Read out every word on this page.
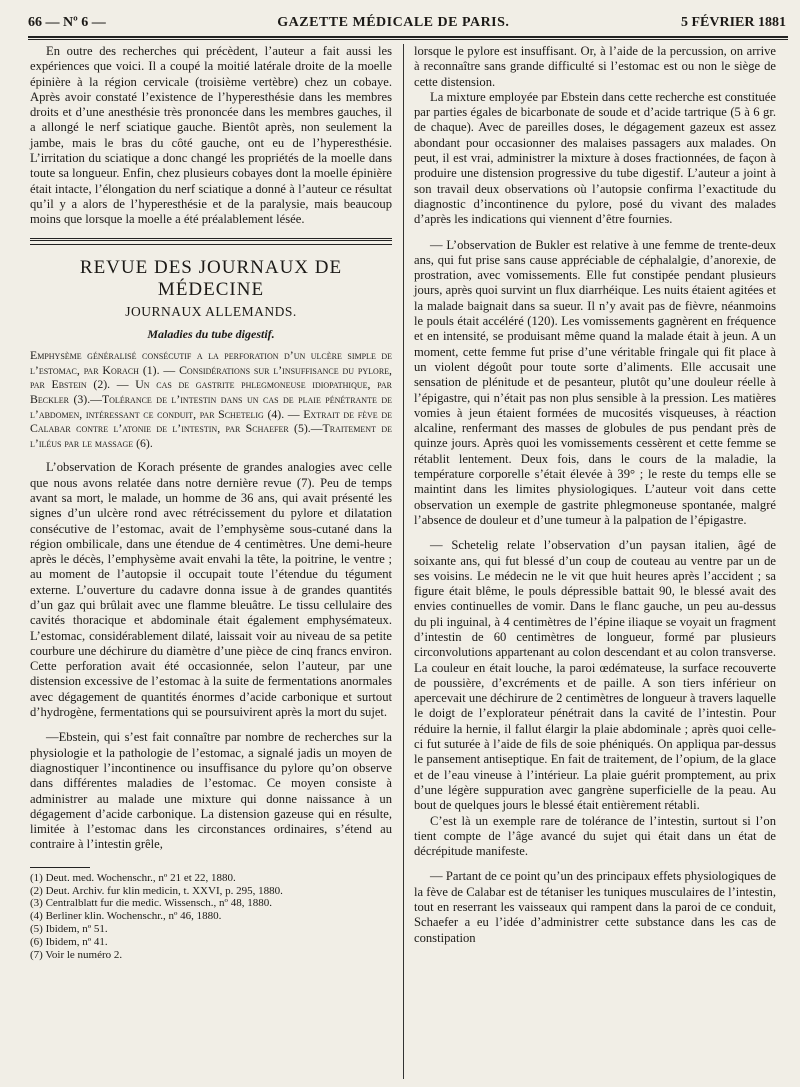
66 — Nº 6 —	GAZETTE MÉDICALE DE PARIS.	5 FÉVRIER 1881

En outre des recherches qui précèdent, l’auteur a fait aussi les expériences que voici. Il a coupé la moitié latérale droite de la moelle épinière à la région cervicale (troisième vertèbre) chez un cobaye. Après avoir constaté l’existence de l’hyperesthésie dans les membres droits et d’une anesthésie très prononcée dans les membres gauches, il a allongé le nerf sciatique gauche. Bientôt après, non seulement la jambe, mais le bras du côté gauche, ont eu de l’hyperesthésie. L’irritation du sciatique a donc changé les propriétés de la moelle dans toute sa longueur. Enfin, chez plusieurs cobayes dont la moelle épinière était intacte, l’élongation du nerf sciatique a donné à l’auteur ce résultat qu’il y a alors de l’hyperesthésie et de la paralysie, mais beaucoup moins que lorsque la moelle a été préalablement lésée.

REVUE DES JOURNAUX DE MÉDECINE
JOURNAUX ALLEMANDS.
Maladies du tube digestif.

Emphysème généralisé consécutif a la perforation d’un ulcère simple de l’estomac, par Korach (1). — Considérations sur l’insuffisance du pylore, par Ebstein (2). — Un cas de gastrite phlegmoneuse idiopathique, par Beckler (3).—Tolérance de l’intestin dans un cas de plaie pénétrante de l’abdomen, intéressant ce conduit, par Schetelig (4). — Extrait de fève de Calabar contre l’atonie de l’intestin, par Schaefer (5).—Traitement de l’iléus par le massage (6).

L’observation de Korach présente de grandes analogies avec celle que nous avons relatée dans notre dernière revue (7). Peu de temps avant sa mort, le malade, un homme de 36 ans, qui avait présenté les signes d’un ulcère rond avec rétrécissement du pylore et dilatation consécutive de l’estomac, avait de l’emphysème sous-cutané dans la région ombilicale, dans une étendue de 4 centimètres. Une demi-heure après le décès, l’emphysème avait envahi la tête, la poitrine, le ventre ; au moment de l’autopsie il occupait toute l’étendue du tégument externe. L’ouverture du cadavre donna issue à de grandes quantités d’un gaz qui brûlait avec une flamme bleuâtre. Le tissu cellulaire des cavités thoracique et abdominale était également emphysémateux. L’estomac, considérablement dilaté, laissait voir au niveau de sa petite courbure une déchirure du diamètre d’une pièce de cinq francs environ. Cette perforation avait été occasionnée, selon l’auteur, par une distension excessive de l’estomac à la suite de fermentations anormales avec dégagement de quantités énormes d’acide carbonique et surtout d’hydrogène, fermentations qui se poursuivirent après la mort du sujet.

—Ebstein, qui s’est fait connaître par nombre de recherches sur la physiologie et la pathologie de l’estomac, a signalé jadis un moyen de diagnostiquer l’incontinence ou insuffisance du pylore qu’on observe dans différentes maladies de l’estomac. Ce moyen consiste à administrer au malade une mixture qui donne naissance à un dégagement d’acide carbonique. La distension gazeuse qui en résulte, limitée à l’estomac dans les circonstances ordinaires, s’étend au contraire à l’intestin grêle,

(1) Deut. med. Wochenschr., nº 21 et 22, 1880.

(2) Deut. Archiv. fur klin medicin, t. XXVI, p. 295, 1880.

(3) Centralblatt fur die medic. Wissensch., nº 48, 1880.

(4) Berliner klin. Wochenschr., nº 46, 1880.

(5) Ibidem, nº 51.

(6) Ibidem, nº 41.

(7) Voir le numéro 2.

lorsque le pylore est insuffisant. Or, à l’aide de la percussion, on arrive à reconnaître sans grande difficulté si l’estomac est ou non le siège de cette distension.

La mixture employée par Ebstein dans cette recherche est constituée par parties égales de bicarbonate de soude et d’acide tartrique (5 à 6 gr. de chaque). Avec de pareilles doses, le dégagement gazeux est assez abondant pour occasionner des malaises passagers aux malades. On peut, il est vrai, administrer la mixture à doses fractionnées, de façon à produire une distension progressive du tube digestif. L’auteur a joint à son travail deux observations où l’autopsie confirma l’exactitude du diagnostic d’incontinence du pylore, posé du vivant des malades d’après les indications qui viennent d’être fournies.

— L’observation de Bukler est relative à une femme de trente-deux ans, qui fut prise sans cause appréciable de céphalalgie, d’anorexie, de prostration, avec vomissements. Elle fut constipée pendant plusieurs jours, après quoi survint un flux diarrhéique. Les nuits étaient agitées et la malade baignait dans sa sueur. Il n’y avait pas de fièvre, néanmoins le pouls était accéléré (120). Les vomissements gagnèrent en fréquence et en intensité, se produisant même quand la malade était à jeun. A un moment, cette femme fut prise d’une véritable fringale qui fit place à un violent dégoût pour toute sorte d’aliments. Elle accusait une sensation de plénitude et de pesanteur, plutôt qu’une douleur réelle à l’épigastre, qui n’était pas non plus sensible à la pression. Les matières vomies à jeun étaient formées de mucosités visqueuses, à réaction alcaline, renfermant des masses de globules de pus pendant près de quinze jours. Après quoi les vomissements cessèrent et cette femme se rétablit lentement. Deux fois, dans le cours de la maladie, la température corporelle s’était élevée à 39° ; le reste du temps elle se maintint dans les limites physiologiques. L’auteur voit dans cette observation un exemple de gastrite phlegmoneuse spontanée, malgré l’absence de douleur et d’une tumeur à la palpation de l’épigastre.

— Schetelig relate l’observation d’un paysan italien, âgé de soixante ans, qui fut blessé d’un coup de couteau au ventre par un de ses voisins. Le médecin ne le vit que huit heures après l’accident ; sa figure était blême, le pouls dépressible battait 90, le blessé avait des envies continuelles de vomir. Dans le flanc gauche, un peu au-dessus du pli inguinal, à 4 centimètres de l’épine iliaque se voyait un fragment d’intestin de 60 centimètres de longueur, formé par plusieurs circonvolutions appartenant au colon descendant et au colon transverse. La couleur en était louche, la paroi œdémateuse, la surface recouverte de poussière, d’excréments et de paille. A son tiers inférieur on apercevait une déchirure de 2 centimètres de longueur à travers laquelle le doigt de l’explorateur pénétrait dans la cavité de l’intestin. Pour réduire la hernie, il fallut élargir la plaie abdominale ; après quoi celle-ci fut suturée à l’aide de fils de soie phéniqués. On appliqua par-dessus le pansement antiseptique. En fait de traitement, de l’opium, de la glace et de l’eau vineuse à l’intérieur. La plaie guérit promptement, au prix d’une légère suppuration avec gangrène superficielle de la peau. Au bout de quelques jours le blessé était entièrement rétabli.

C’est là un exemple rare de tolérance de l’intestin, surtout si l’on tient compte de l’âge avancé du sujet qui était dans un état de décrépitude manifeste.

— Partant de ce point qu’un des principaux effets physiologiques de la fève de Calabar est de tétaniser les tuniques musculaires de l’intestin, tout en reserrant les vaisseaux qui rampent dans la paroi de ce conduit, Schaefer a eu l’idée d’administrer cette substance dans les cas de constipation
